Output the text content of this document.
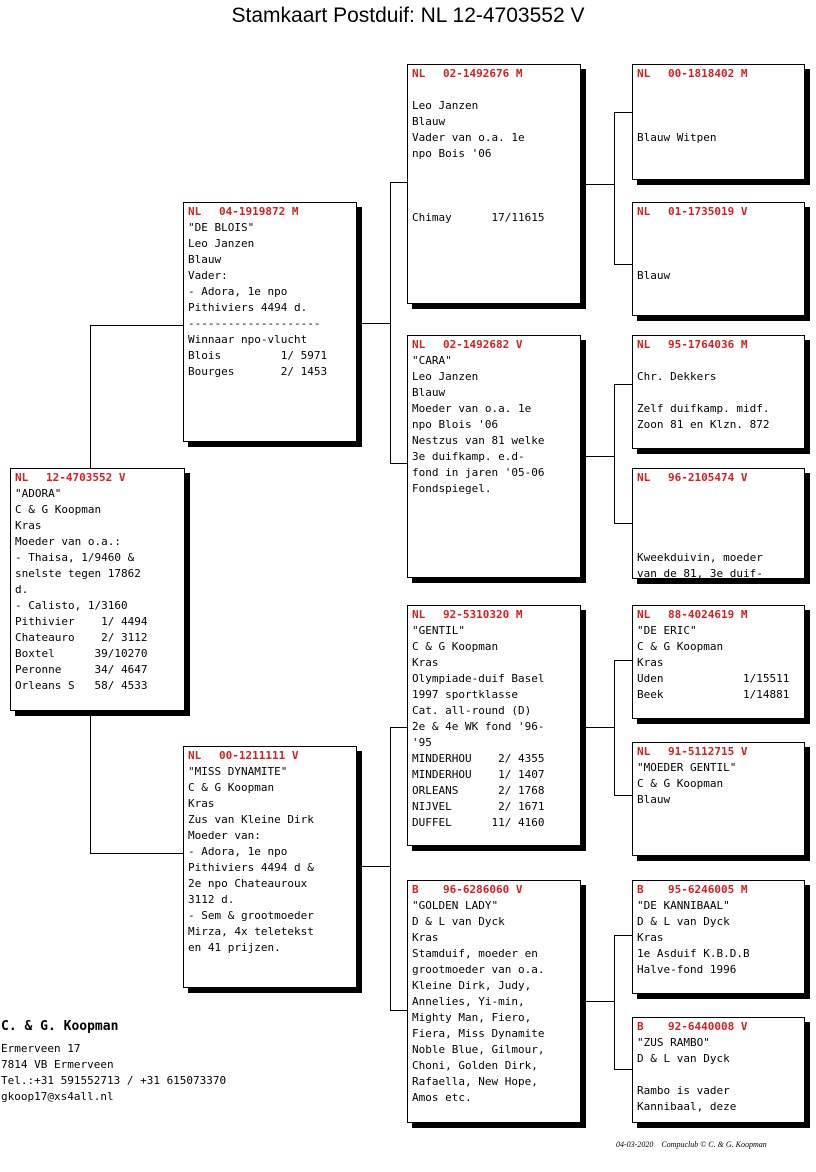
Stamkaart Postduif: NL 12-4703552 V
NL	12-4703552 V
"ADORA"
C & G Koopman
Kras
Moeder van o.a.:
- Thaisa, 1/9460 &
snelste tegen 17862
d.
- Calisto, 1/3160
Pithivier    1/ 4494
Chateauro    2/ 3112
Boxtel      39/10270
Peronne     34/ 4647
Orleans S   58/ 4533
NL	04-1919872 M
"DE BLOIS"
Leo Janzen
Blauw
Vader:
- Adora, 1e npo
Pithiviers 4494 d.
--------------------
Winnaar npo-vlucht
Blois         1/ 5971
Bourges       2/ 1453
NL	00-1211111 V
"MISS DYNAMITE"
C & G Koopman
Kras
Zus van Kleine Dirk
Moeder van:
- Adora, 1e npo
Pithiviers 4494 d &
2e npo Chateauroux
3112 d.
- Sem & grootmoeder
Mirza, 4x teletekst
en 41 prijzen.
NL	02-1492676 M
Leo Janzen
Blauw
Vader van o.a. 1e
npo Bois '06
Chimay      17/11615
NL	02-1492682 V
"CARA"
Leo Janzen
Blauw
Moeder van o.a. 1e
npo Blois '06
Nestzus van 81 welke
3e duifkamp. e.d-
fond in jaren '05-06
Fondspiegel.
NL	92-5310320 M
"GENTIL"
C & G Koopman
Kras
Olympiade-duif Basel
1997 sportklasse
Cat. all-round (D)
2e & 4e WK fond '96-
'95
MINDERHOU    2/ 4355
MINDERHOU    1/ 1407
ORLEANS      2/ 1768
NIJVEL       2/ 1671
DUFFEL      11/ 4160
B	96-6286060 V
"GOLDEN LADY"
D & L van Dyck
Kras
Stamduif, moeder en
grootmoeder van o.a.
Kleine Dirk, Judy,
Annelies, Yi-min,
Mighty Man, Fiero,
Fiera, Miss Dynamite
Noble Blue, Gilmour,
Choni, Golden Dirk,
Rafaella, New Hope,
Amos etc.
NL	00-1818402 M
Blauw Witpen
NL	01-1735019 V
Blauw
NL	95-1764036 M
Chr. Dekkers
Zelf duifkamp. midf.
Zoon 81 en Klzn. 872
NL	96-2105474 V
Kweekduivin, moeder
van de 81, 3e duif-
NL	88-4024619 M
"DE ERIC"
C & G Koopman
Kras
Uden            1/15511
Beek            1/14881
NL	91-5112715 V
"MOEDER GENTIL"
C & G Koopman
Blauw
B	95-6246005 M
"DE KANNIBAAL"
D & L van Dyck
Kras
1e Asduif K.B.D.B
Halve-fond 1996
B	92-6440008 V
"ZUS RAMBO"
D & L van Dyck
Rambo is vader
Kannibaal, deze
C. & G. Koopman
Ermerveen 17
7814 VB Ermerveen
Tel.:+31 591552713 / +31 615073370
gkoop17@xs4all.nl
04-03-2020    Compuclub © C. & G. Koopman
